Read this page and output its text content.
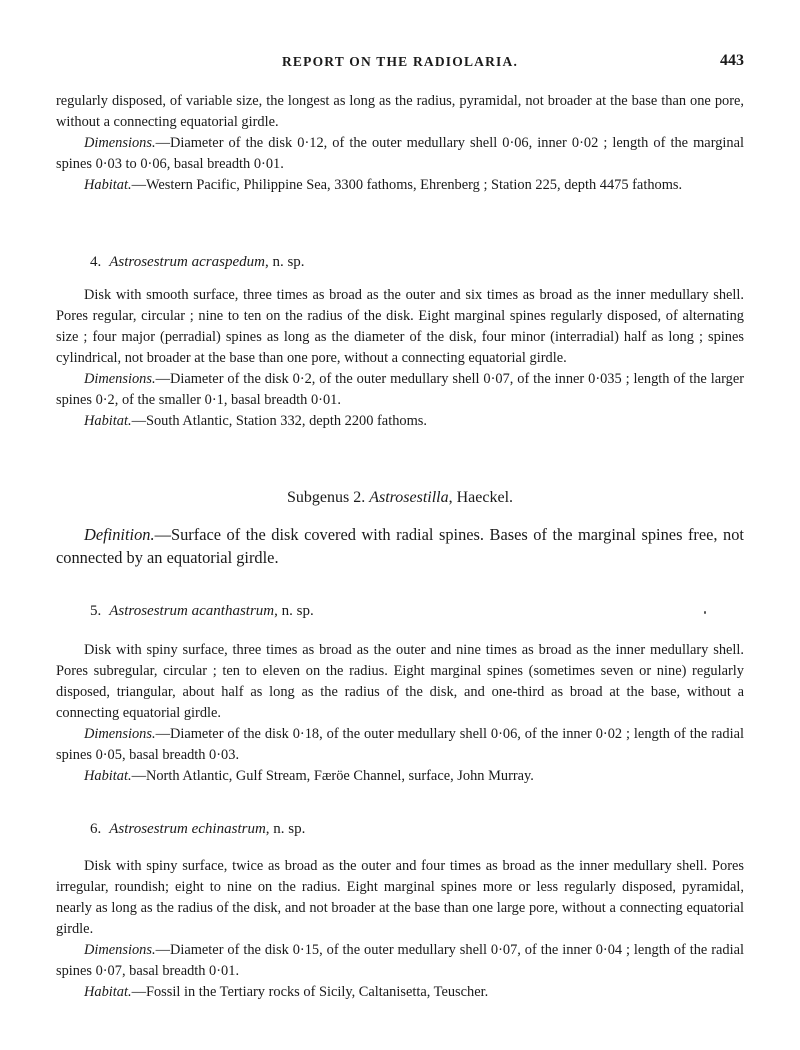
REPORT ON THE RADIOLARIA.	443

regularly disposed, of variable size, the longest as long as the radius, pyramidal, not broader at the base than one pore, without a connecting equatorial girdle.

Dimensions.—Diameter of the disk 0·12, of the outer medullary shell 0·06, inner 0·02 ; length of the marginal spines 0·03 to 0·06, basal breadth 0·01.

Habitat.—Western Pacific, Philippine Sea, 3300 fathoms, Ehrenberg ; Station 225, depth 4475 fathoms.

4. Astrosestrum acraspedum, n. sp.

Disk with smooth surface, three times as broad as the outer and six times as broad as the inner medullary shell. Pores regular, circular ; nine to ten on the radius of the disk. Eight marginal spines regularly disposed, of alternating size ; four major (perradial) spines as long as the diameter of the disk, four minor (interradial) half as long ; spines cylindrical, not broader at the base than one pore, without a connecting equatorial girdle.

Dimensions.—Diameter of the disk 0·2, of the outer medullary shell 0·07, of the inner 0·035 ; length of the larger spines 0·2, of the smaller 0·1, basal breadth 0·01.

Habitat.—South Atlantic, Station 332, depth 2200 fathoms.

Subgenus 2. Astrosestilla, Haeckel.

Definition.—Surface of the disk covered with radial spines. Bases of the marginal spines free, not connected by an equatorial girdle.

5. Astrosestrum acanthastrum, n. sp.

Disk with spiny surface, three times as broad as the outer and nine times as broad as the inner medullary shell. Pores subregular, circular ; ten to eleven on the radius. Eight marginal spines (sometimes seven or nine) regularly disposed, triangular, about half as long as the radius of the disk, and one-third as broad at the base, without a connecting equatorial girdle.

Dimensions.—Diameter of the disk 0·18, of the outer medullary shell 0·06, of the inner 0·02 ; length of the radial spines 0·05, basal breadth 0·03.

Habitat.—North Atlantic, Gulf Stream, Færöe Channel, surface, John Murray.

6. Astrosestrum echinastrum, n. sp.

Disk with spiny surface, twice as broad as the outer and four times as broad as the inner medullary shell. Pores irregular, roundish; eight to nine on the radius. Eight marginal spines more or less regularly disposed, pyramidal, nearly as long as the radius of the disk, and not broader at the base than one large pore, without a connecting equatorial girdle.

Dimensions.—Diameter of the disk 0·15, of the outer medullary shell 0·07, of the inner 0·04 ; length of the radial spines 0·07, basal breadth 0·01.

Habitat.—Fossil in the Tertiary rocks of Sicily, Caltanisetta, Teuscher.
